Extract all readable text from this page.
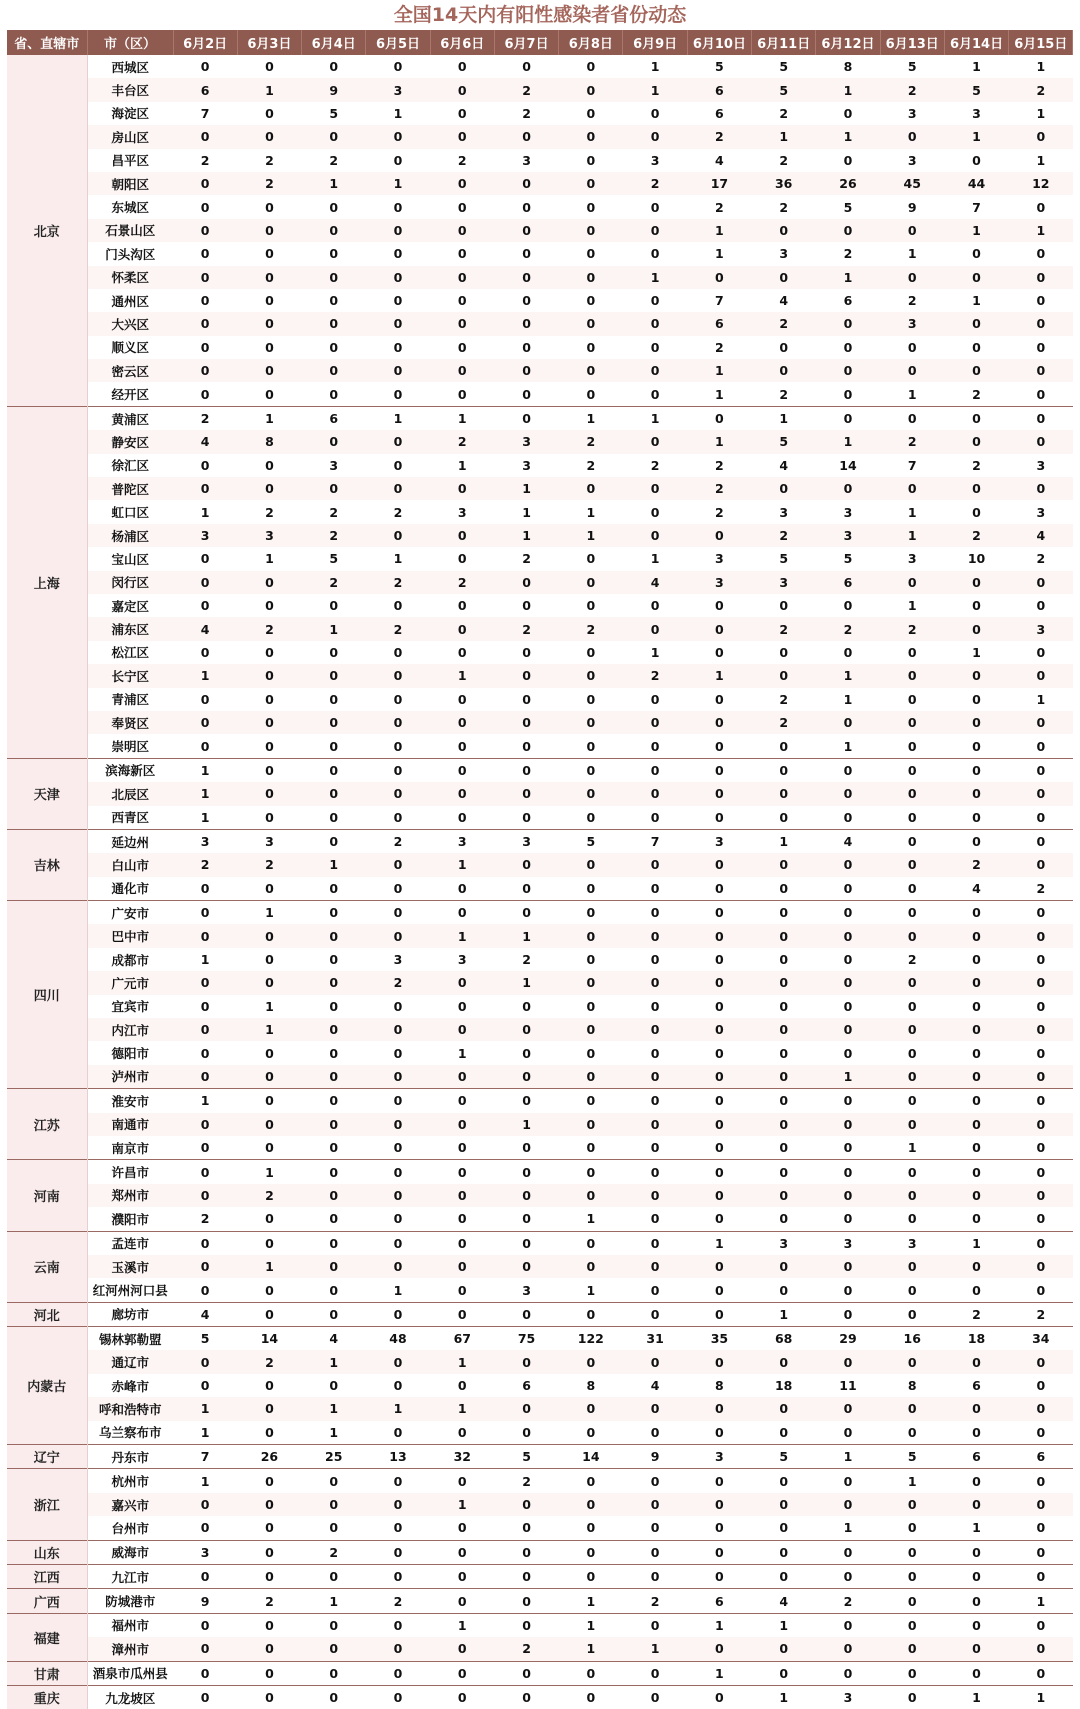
全国14天内有阳性感染者省份动态
省、直辖市	市（区）	6月2日	6月3日	6月4日	6月5日	6月6日	6月7日	6月8日	6月9日	6月10日	6月11日	6月12日	6月13日	6月14日	6月15日
北京	西城区	0	0	0	0	0	0	0	1	5	5	8	5	1	1
	丰台区	6	1	9	3	0	2	0	1	6	5	1	2	5	2
	海淀区	7	0	5	1	0	2	0	0	6	2	0	3	3	1
	房山区	0	0	0	0	0	0	0	0	2	1	1	0	1	0
	昌平区	2	2	2	0	2	3	0	3	4	2	0	3	0	1
	朝阳区	0	2	1	1	0	0	0	2	17	36	26	45	44	12
	东城区	0	0	0	0	0	0	0	0	2	2	5	9	7	0
	石景山区	0	0	0	0	0	0	0	0	1	0	0	0	1	1
	门头沟区	0	0	0	0	0	0	0	0	1	3	2	1	0	0
	怀柔区	0	0	0	0	0	0	0	1	0	0	1	0	0	0
	通州区	0	0	0	0	0	0	0	0	7	4	6	2	1	0
	大兴区	0	0	0	0	0	0	0	0	6	2	0	3	0	0
	顺义区	0	0	0	0	0	0	0	0	2	0	0	0	0	0
	密云区	0	0	0	0	0	0	0	0	1	0	0	0	0	0
	经开区	0	0	0	0	0	0	0	0	1	2	0	1	2	0
上海	黄浦区	2	1	6	1	1	0	1	1	0	1	0	0	0	0
	静安区	4	8	0	0	2	3	2	0	1	5	1	2	0	0
	徐汇区	0	0	3	0	1	3	2	2	2	4	14	7	2	3
	普陀区	0	0	0	0	0	1	0	0	2	0	0	0	0	0
	虹口区	1	2	2	2	3	1	1	0	2	3	3	1	0	3
	杨浦区	3	3	2	0	0	1	1	0	0	2	3	1	2	4
	宝山区	0	1	5	1	0	2	0	1	3	5	5	3	10	2
	闵行区	0	0	2	2	2	0	0	4	3	3	6	0	0	0
	嘉定区	0	0	0	0	0	0	0	0	0	0	0	1	0	0
	浦东区	4	2	1	2	0	2	2	0	0	2	2	2	0	3
	松江区	0	0	0	0	0	0	0	1	0	0	0	0	1	0
	长宁区	1	0	0	0	1	0	0	2	1	0	1	0	0	0
	青浦区	0	0	0	0	0	0	0	0	0	2	1	0	0	1
	奉贤区	0	0	0	0	0	0	0	0	0	2	0	0	0	0
	崇明区	0	0	0	0	0	0	0	0	0	0	1	0	0	0
天津	滨海新区	1	0	0	0	0	0	0	0	0	0	0	0	0	0
	北辰区	1	0	0	0	0	0	0	0	0	0	0	0	0	0
	西青区	1	0	0	0	0	0	0	0	0	0	0	0	0	0
吉林	延边州	3	3	0	2	3	3	5	7	3	1	4	0	0	0
	白山市	2	2	1	0	1	0	0	0	0	0	0	0	2	0
	通化市	0	0	0	0	0	0	0	0	0	0	0	0	4	2
四川	广安市	0	1	0	0	0	0	0	0	0	0	0	0	0	0
	巴中市	0	0	0	0	1	1	0	0	0	0	0	0	0	0
	成都市	1	0	0	3	3	2	0	0	0	0	0	2	0	0
	广元市	0	0	0	2	0	1	0	0	0	0	0	0	0	0
	宜宾市	0	1	0	0	0	0	0	0	0	0	0	0	0	0
	内江市	0	1	0	0	0	0	0	0	0	0	0	0	0	0
	德阳市	0	0	0	0	1	0	0	0	0	0	0	0	0	0
	泸州市	0	0	0	0	0	0	0	0	0	0	1	0	0	0
江苏	淮安市	1	0	0	0	0	0	0	0	0	0	0	0	0	0
	南通市	0	0	0	0	0	1	0	0	0	0	0	0	0	0
	南京市	0	0	0	0	0	0	0	0	0	0	0	1	0	0
河南	许昌市	0	1	0	0	0	0	0	0	0	0	0	0	0	0
	郑州市	0	2	0	0	0	0	0	0	0	0	0	0	0	0
	濮阳市	2	0	0	0	0	0	1	0	0	0	0	0	0	0
云南	孟连市	0	0	0	0	0	0	0	0	1	3	3	3	1	0
	玉溪市	0	1	0	0	0	0	0	0	0	0	0	0	0	0
	红河州河口县	0	0	0	1	0	3	1	0	0	0	0	0	0	0
河北	廊坊市	4	0	0	0	0	0	0	0	0	1	0	0	2	2
内蒙古	锡林郭勒盟	5	14	4	48	67	75	122	31	35	68	29	16	18	34
	通辽市	0	2	1	0	1	0	0	0	0	0	0	0	0	0
	赤峰市	0	0	0	0	0	6	8	4	8	18	11	8	6	0
	呼和浩特市	1	0	1	1	1	0	0	0	0	0	0	0	0	0
	乌兰察布市	1	0	1	0	0	0	0	0	0	0	0	0	0	0
辽宁	丹东市	7	26	25	13	32	5	14	9	3	5	1	5	6	6
浙江	杭州市	1	0	0	0	0	2	0	0	0	0	0	1	0	0
	嘉兴市	0	0	0	0	1	0	0	0	0	0	0	0	0	0
	台州市	0	0	0	0	0	0	0	0	0	0	1	0	1	0
山东	威海市	3	0	2	0	0	0	0	0	0	0	0	0	0	0
江西	九江市	0	0	0	0	0	0	0	0	0	0	0	0	0	0
广西	防城港市	9	2	1	2	0	0	1	2	6	4	2	0	0	1
福建	福州市	0	0	0	0	1	0	1	0	1	1	0	0	0	0
	漳州市	0	0	0	0	0	2	1	1	0	0	0	0	0	0
甘肃	酒泉市瓜州县	0	0	0	0	0	0	0	0	1	0	0	0	0	0
重庆	九龙坡区	0	0	0	0	0	0	0	0	0	1	3	0	1	1
